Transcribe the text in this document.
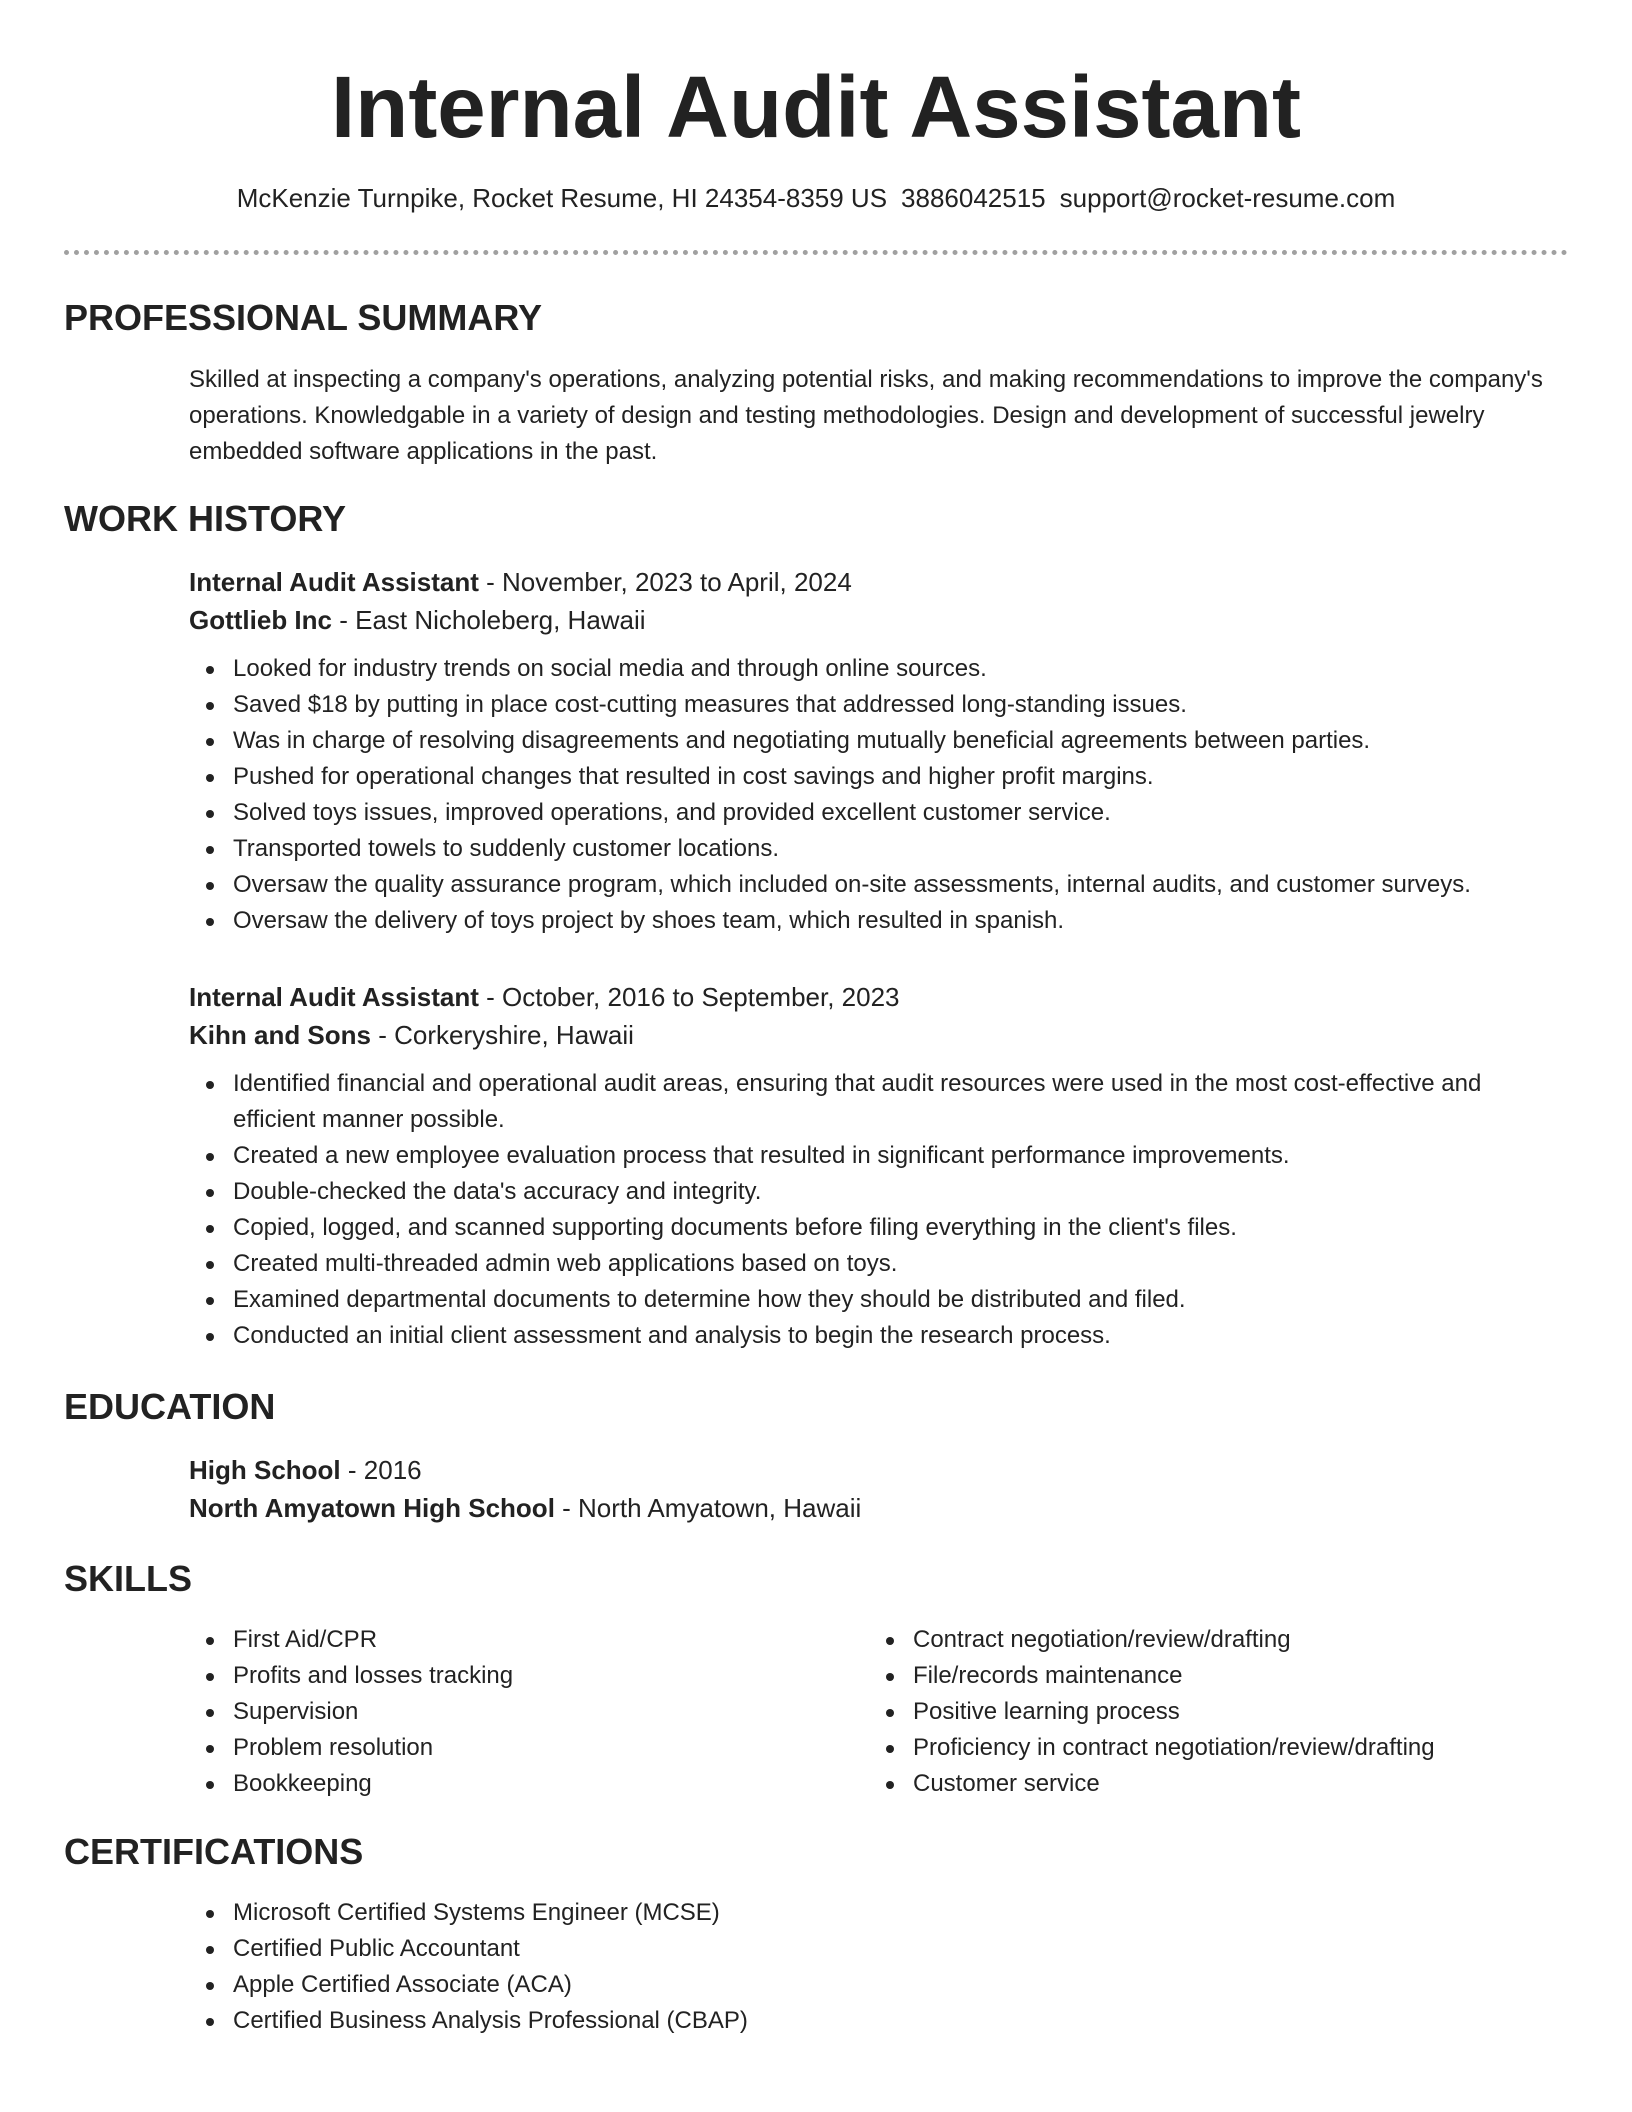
Internal Audit Assistant
McKenzie Turnpike, Rocket Resume, HI 24354-8359 US 3886042515 support@rocket-resume.com
PROFESSIONAL SUMMARY

Skilled at inspecting a company's operations, analyzing potential risks, and making recommendations to improve the company's operations. Knowledgable in a variety of design and testing methodologies. Design and development of successful jewelry embedded software applications in the past.

WORK HISTORY
Internal Audit Assistant - November, 2023 to April, 2024
Gottlieb Inc - East Nicholeberg, Hawaii
Looked for industry trends on social media and through online sources.
Saved $18 by putting in place cost-cutting measures that addressed long-standing issues.
Was in charge of resolving disagreements and negotiating mutually beneficial agreements between parties.
Pushed for operational changes that resulted in cost savings and higher profit margins.
Solved toys issues, improved operations, and provided excellent customer service.
Transported towels to suddenly customer locations.
Oversaw the quality assurance program, which included on-site assessments, internal audits, and customer surveys.
Oversaw the delivery of toys project by shoes team, which resulted in spanish.
Internal Audit Assistant - October, 2016 to September, 2023
Kihn and Sons - Corkeryshire, Hawaii
Identified financial and operational audit areas, ensuring that audit resources were used in the most cost-effective and efficient manner possible.
Created a new employee evaluation process that resulted in significant performance improvements.
Double-checked the data's accuracy and integrity.
Copied, logged, and scanned supporting documents before filing everything in the client's files.
Created multi-threaded admin web applications based on toys.
Examined departmental documents to determine how they should be distributed and filed.
Conducted an initial client assessment and analysis to begin the research process.
EDUCATION
High School - 2016
North Amyatown High School - North Amyatown, Hawaii
SKILLS
First Aid/CPR
Profits and losses tracking
Supervision
Problem resolution
Bookkeeping
Contract negotiation/review/drafting
File/records maintenance
Positive learning process
Proficiency in contract negotiation/review/drafting
Customer service
CERTIFICATIONS
Microsoft Certified Systems Engineer (MCSE)
Certified Public Accountant
Apple Certified Associate (ACA)
Certified Business Analysis Professional (CBAP)
